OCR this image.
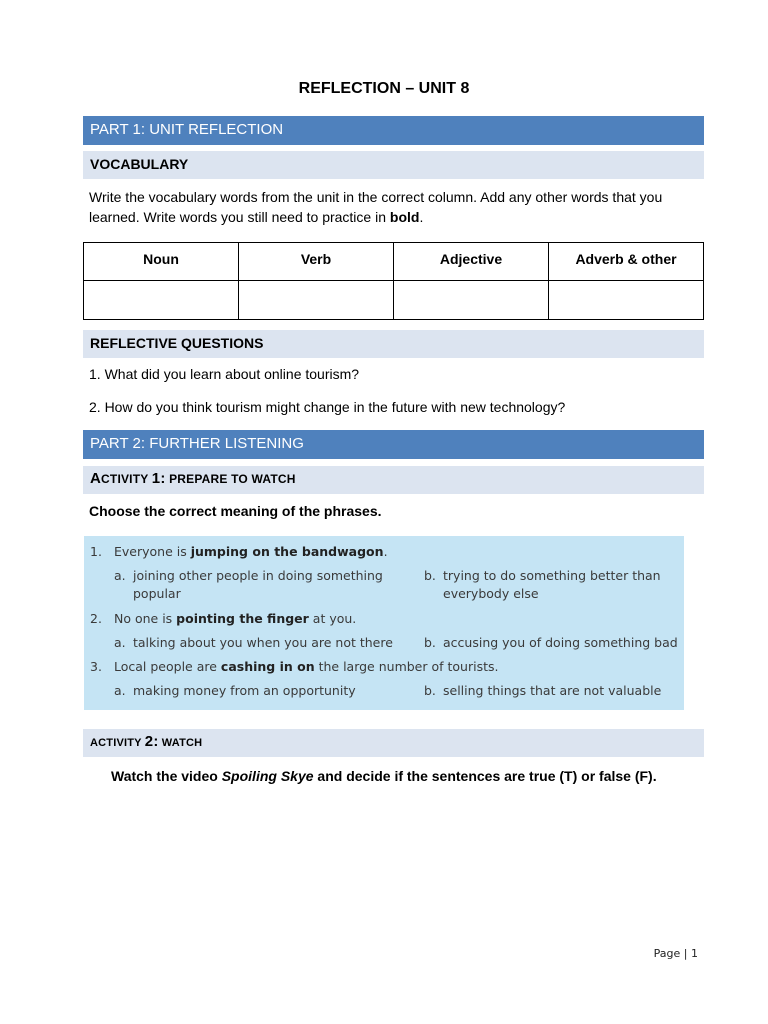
REFLECTION – UNIT 8
PART 1: UNIT REFLECTION
VOCABULARY
Write the vocabulary words from the unit in the correct column. Add any other words that you learned. Write words you still need to practice in bold.
Noun	Verb	Adjective	Adverb & other

REFLECTIVE QUESTIONS
1. What did you learn about online tourism?
2. How do you think tourism might change in the future with new technology?
PART 2: FURTHER LISTENING
ACTIVITY 1: PREPARE TO WATCH
Choose the correct meaning of the phrases.
1. Everyone is jumping on the bandwagon.
a. joining other people in doing something popular
b. trying to do something better than everybody else
2. No one is pointing the finger at you.
a. talking about you when you are not there b. accusing you of doing something bad
3. Local people are cashing in on the large number of tourists.
a. making money from an opportunity	b. selling things that are not valuable
ACTIVITY 2: WATCH
Watch the video Spoiling Skye and decide if the sentences are true (T) or false (F).
Page | 1
